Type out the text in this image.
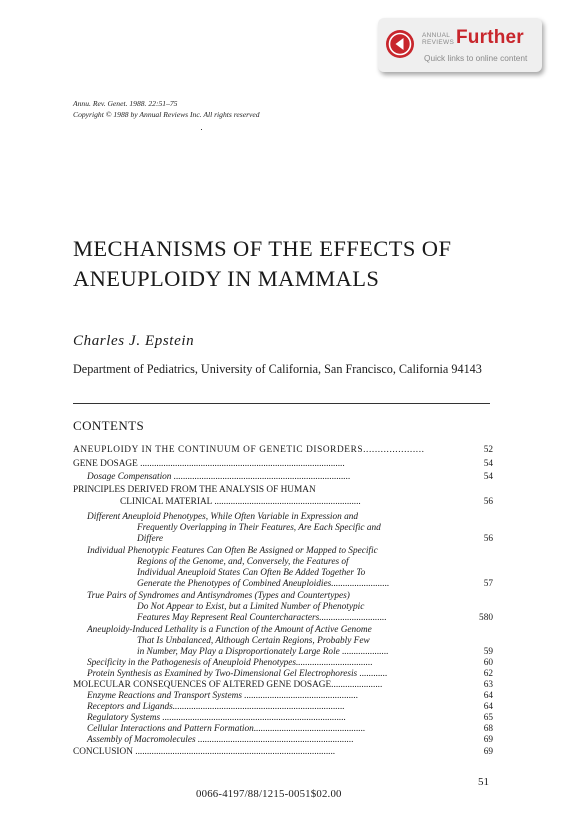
ANNUAL
REVIEWS Further
Quick links to online content
Annu. Rev. Genet. 1988. 22:51–75
Copyright © 1988 by Annual Reviews Inc. All rights reserved
MECHANISMS OF THE EFFECTS OF
ANEUPLOIDY IN MAMMALS
Charles J. Epstein
Department of Pediatrics, University of California, San Francisco, California 94143
CONTENTS
ANEUPLOIDY IN THE CONTINUUM OF GENETIC DISORDERS.....................	52
GENE DOSAGE ........................................................................................	54
Dosage Compensation ............................................................................	54
PRINCIPLES DERIVED FROM THE ANALYSIS OF HUMAN
CLINICAL MATERIAL ...............................................................	56
Different Aneuploid Phenotypes, While Often Variable in Expression and
Frequently Overlapping in Their Features, Are Each Specific and
Differe	56
Individual Phenotypic Features Can Often Be Assigned or Mapped to Specific
Regions of the Genome, and, Conversely, the Features of
Individual Aneuploid States Can Often Be Added Together To
Generate the Phenotypes of Combined Aneuploidies.........................	57
True Pairs of Syndromes and Antisyndromes (Types and Countertypes)
Do Not Appear to Exist, but a Limited Number of Phenotypic
Features May Represent Real Countercharacters.............................	580
Aneuploidy-Induced Lethality is a Function of the Amount of Active Genome
That Is Unbalanced, Although Certain Regions, Probably Few
in Number, May Play a Disproportionately Large Role ....................	59
Specificity in the Pathogenesis of Aneuploid Phenotypes.................................	60
Protein Synthesis as Examined by Two-Dimensional Gel Electrophoresis ............	62
MOLECULAR CONSEQUENCES OF ALTERED GENE DOSAGE......................	63
Enzyme Reactions and Transport Systems .................................................	64
Receptors and Ligands..........................................................................	64
Regulatory Systems ...............................................................................	65
Cellular Interactions and Pattern Formation................................................	68
Assembly of Macromolecules ...................................................................	69
CONCLUSION ......................................................................................	69
51
0066-4197/88/1215-0051$02.00
